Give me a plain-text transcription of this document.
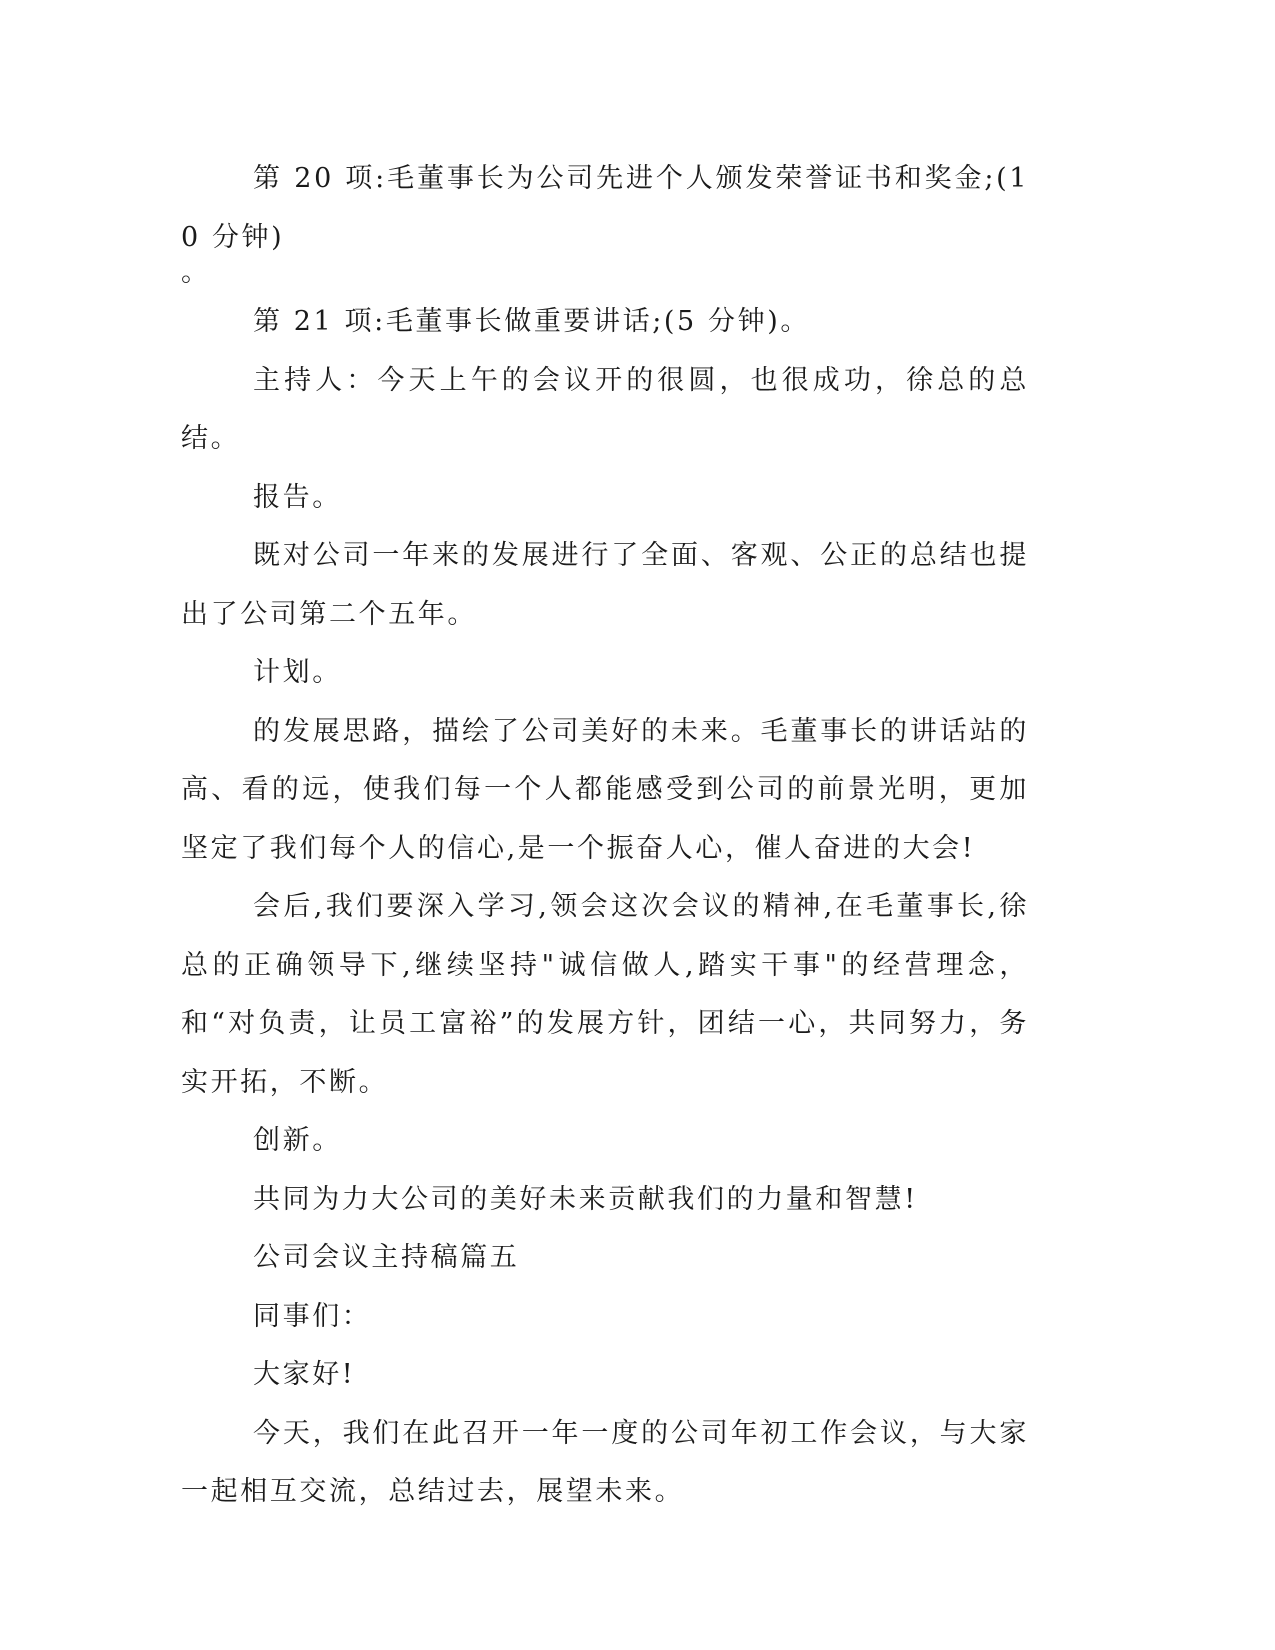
第 20 项:毛董事长为公司先进个人颁发荣誉证书和奖金;(10 分钟)

。

第 21 项:毛董事长做重要讲话;(5 分钟)。

主持人：今天上午的会议开的很圆，也很成功，徐总的总结。

报告。

既对公司一年来的发展进行了全面、客观、公正的总结也提出了公司第二个五年。

计划。

的发展思路，描绘了公司美好的未来。毛董事长的讲话站的高、看的远，使我们每一个人都能感受到公司的前景光明，更加坚定了我们每个人的信心,是一个振奋人心，催人奋进的大会!

会后,我们要深入学习,领会这次会议的精神,在毛董事长,徐总的正确领导下,继续坚持"诚信做人,踏实干事"的经营理念，和“对负责，让员工富裕”的发展方针，团结一心，共同努力，务实开拓，不断。

创新。

共同为力大公司的美好未来贡献我们的力量和智慧!

公司会议主持稿篇五

同事们：

大家好!

今天，我们在此召开一年一度的公司年初工作会议，与大家一起相互交流，总结过去，展望未来。
